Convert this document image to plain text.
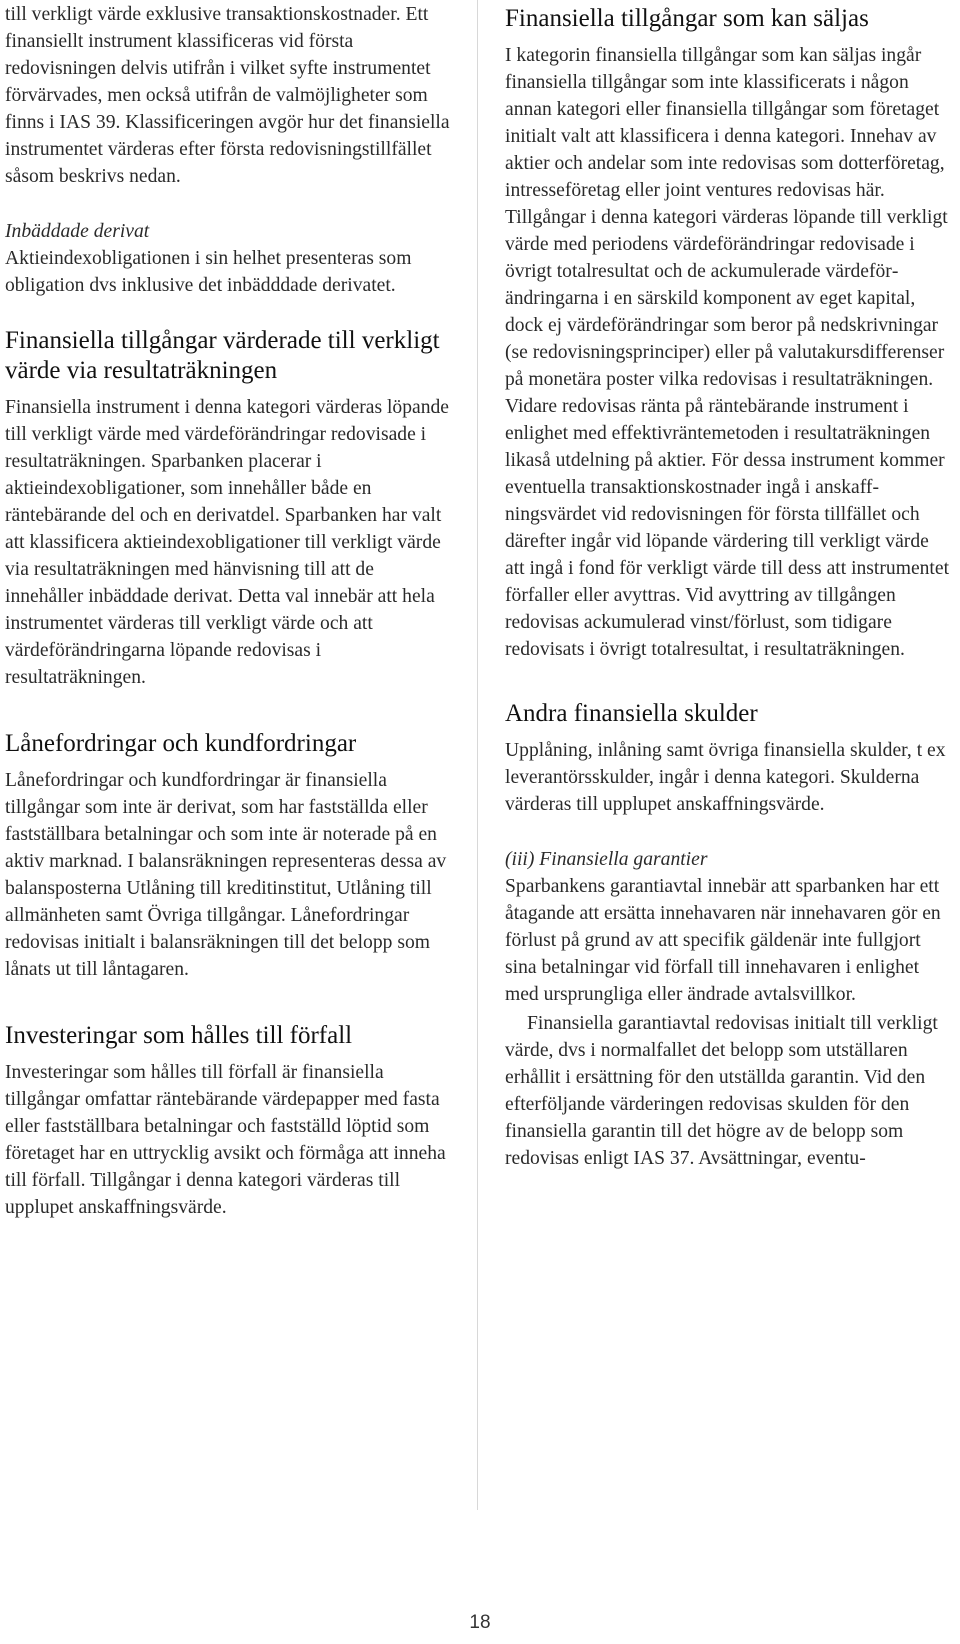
till verkligt värde exklusive transaktionskostnader. Ett finansiellt instrument klassificeras vid första redovisningen delvis utifrån i vilket syfte instrumentet förvärvades, men också utifrån de valmöjligheter som finns i IAS 39. Klassificeringen avgör hur det finansiella instrumentet värderas efter första redovisningstillfället såsom beskrivs nedan.

Inbäddade derivat

Aktieindexobligationen i sin helhet presenteras som obligation dvs inklusive det inbädddade derivatet.

Finansiella tillgångar värderade till verkligt värde via resultaträkningen

Finansiella instrument i denna kategori värderas löpande till verkligt värde med värdeförändringar redovisade i resultaträkningen. Sparbanken placerar i aktieindexobligationer, som innehåller både en räntebärande del och en derivatdel. Sparbanken har valt att klassificera aktieindexobligationer till verkligt värde via resultaträkningen med hänvisning till att de innehåller inbäddade derivat. Detta val innebär att hela instrumentet värderas till verkligt värde och att värdeförändringarna löpande redovisas i resultaträkningen.

Lånefordringar och kundfordringar

Lånefordringar och kundfordringar är finansiella tillgångar som inte är derivat, som har fastställda eller fastställbara betalningar och som inte är noterade på en aktiv marknad. I balansräkningen representeras dessa av balansposterna Utlåning till kreditinstitut, Utlåning till allmänheten samt Övriga tillgångar. Lånefordringar redovisas initialt i balansräkningen till det belopp som lånats ut till låntagaren.

Investeringar som hålles till förfall

Investeringar som hålles till förfall är finansiella tillgångar omfattar räntebärande värdepapper med fasta eller fastställbara betalningar och fastställd löptid som företaget har en uttrycklig avsikt och förmåga att inneha till förfall. Tillgångar i denna kategori värderas till upplupet anskaffningsvärde.

Finansiella tillgångar som kan säljas

I kategorin finansiella tillgångar som kan säljas ingår finansiella tillgångar som inte klassificerats i någon annan kategori eller finansiella tillgångar som företaget initialt valt att klassificera i denna kategori. Innehav av aktier och andelar som inte redovisas som dotterföretag, intresseföretag eller joint ventures redovisas här. Tillgångar i denna kategori värderas löpande till verkligt värde med periodens värdeförändringar redovisade i övrigt totalresultat och de ackumulerade värdeförändringarna i en särskild komponent av eget kapital, dock ej värdeförändringar som beror på nedskrivningar (se redovisningsprinciper) eller på valutakursdifferenser på monetära poster vilka redovisas i resultaträkningen. Vidare redovisas ränta på räntebärande instrument i enlighet med effektivräntemetoden i resultaträkningen likaså utdelning på aktier. För dessa instrument kommer eventuella transaktionskostnader ingå i anskaffningsvärdet vid redovisningen för första tillfället och därefter ingår vid löpande värdering till verkligt värde att ingå i fond för verkligt värde till dess att instrumentet förfaller eller avyttras. Vid avyttring av tillgången redovisas ackumulerad vinst/förlust, som tidigare redovisats i övrigt totalresultat, i resultaträkningen.

Andra finansiella skulder

Upplåning, inlåning samt övriga finansiella skulder, t ex leverantörsskulder, ingår i denna kategori. Skulderna värderas till upplupet anskaffningsvärde.

(iii) Finansiella garantier

Sparbankens garantiavtal innebär att sparbanken har ett åtagande att ersätta innehavaren när innehavaren gör en förlust på grund av att specifik gäldenär inte fullgjort sina betalningar vid förfall till innehavaren i enlighet med ursprungliga eller ändrade avtalsvillkor.

Finansiella garantiavtal redovisas initialt till verkligt värde, dvs i normalfallet det belopp som utställaren erhållit i ersättning för den utställda garantin. Vid den efterföljande värderingen redovisas skulden för den finansiella garantin till det högre av de belopp som redovisas enligt IAS 37. Avsättningar, eventu-

18
